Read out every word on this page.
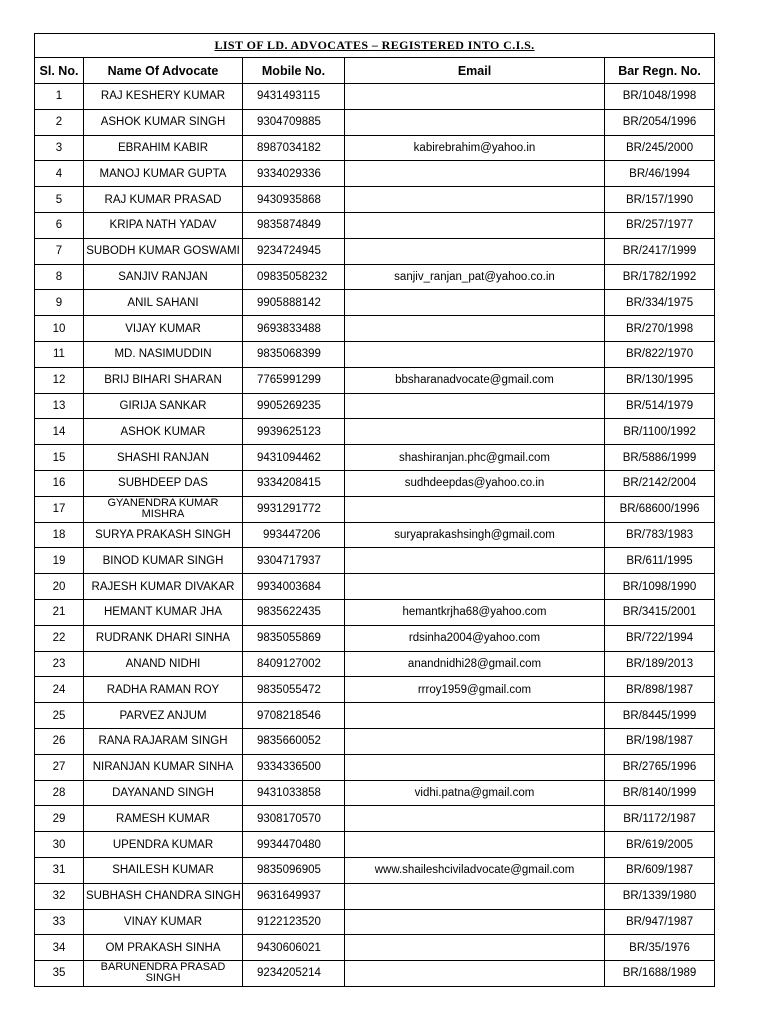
LIST OF LD. ADVOCATES – REGISTERED INTO C.I.S.				
Sl. No.	Name Of Advocate	Mobile No.	Email	Bar Regn. No.
1	RAJ KESHERY KUMAR	9431493115		BR/1048/1998
2	ASHOK KUMAR SINGH	9304709885		BR/2054/1996
3	EBRAHIM KABIR	8987034182	kabirebrahim@yahoo.in	BR/245/2000
4	MANOJ KUMAR GUPTA	9334029336		BR/46/1994
5	RAJ KUMAR PRASAD	9430935868		BR/157/1990
6	KRIPA NATH YADAV	9835874849		BR/257/1977
7	SUBODH KUMAR GOSWAMI	9234724945		BR/2417/1999
8	SANJIV RANJAN	09835058232	sanjiv_ranjan_pat@yahoo.co.in	BR/1782/1992
9	ANIL SAHANI	9905888142		BR/334/1975
10	VIJAY KUMAR	9693833488		BR/270/1998
11	MD. NASIMUDDIN	9835068399		BR/822/1970
12	BRIJ BIHARI SHARAN	7765991299	bbsharanadvocate@gmail.com	BR/130/1995
13	GIRIJA SANKAR	9905269235		BR/514/1979
14	ASHOK KUMAR	9939625123		BR/1100/1992
15	SHASHI RANJAN	9431094462	shashiranjan.phc@gmail.com	BR/5886/1999
16	SUBHDEEP DAS	9334208415	sudhdeepdas@yahoo.co.in	BR/2142/2004
17	GYANENDRA KUMAR MISHRA	9931291772		BR/68600/1996
18	SURYA PRAKASH SINGH	993447206	suryaprakashsingh@gmail.com	BR/783/1983
19	BINOD KUMAR SINGH	9304717937		BR/611/1995
20	RAJESH KUMAR DIVAKAR	9934003684		BR/1098/1990
21	HEMANT KUMAR JHA	9835622435	hemantkrjha68@yahoo.com	BR/3415/2001
22	RUDRANK DHARI SINHA	9835055869	rdsinha2004@yahoo.com	BR/722/1994
23	ANAND NIDHI	8409127002	anandnidhi28@gmail.com	BR/189/2013
24	RADHA RAMAN ROY	9835055472	rrroy1959@gmail.com	BR/898/1987
25	PARVEZ ANJUM	9708218546		BR/8445/1999
26	RANA RAJARAM SINGH	9835660052		BR/198/1987
27	NIRANJAN KUMAR SINHA	9334336500		BR/2765/1996
28	DAYANAND SINGH	9431033858	vidhi.patna@gmail.com	BR/8140/1999
29	RAMESH KUMAR	9308170570		BR/1172/1987
30	UPENDRA KUMAR	9934470480		BR/619/2005
31	SHAILESH KUMAR	9835096905	www.shaileshciviladvocate@gmail.com	BR/609/1987
32	SUBHASH CHANDRA SINGH	9631649937		BR/1339/1980
33	VINAY KUMAR	9122123520		BR/947/1987
34	OM PRAKASH SINHA	9430606021		BR/35/1976
35	BARUNENDRA PRASAD SINGH	9234205214		BR/1688/1989
